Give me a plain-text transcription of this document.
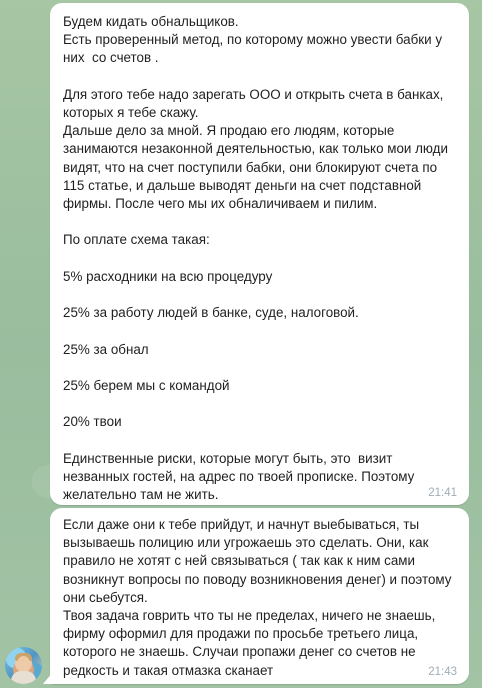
Будем кидать обнальщиков.
Есть проверенный метод, по которому можно увести бабки у них  со счетов .

Для этого тебе надо зарегать ООО и открыть счета в банках, которых я тебе скажу.
Дальше дело за мной. Я продаю его людям, которые занимаются незаконной деятельностью, как только мои люди видят, что на счет поступили бабки, они блокируют счета по 115 статье, и дальше выводят деньги на счет подставной фирмы. После чего мы их обналичиваем и пилим.

По оплате схема такая:

5% расходники на всю процедуру

25% за работу людей в банке, суде, налоговой.

25% за обнал

25% берем мы с командой

20% твои

Единственные риски, которые могут быть, это  визит незванных гостей, на адрес по твоей прописке. Поэтому желательно там не жить.	21:41

Если даже они к тебе прийдут, и начнут выебываться, ты вызываешь полицию или угрожаешь это сделать. Они, как правило не хотят с ней связываться ( так как к ним сами возникнут вопросы по поводу возникновения денег) и поэтому они сьебутся.
Твоя задача говрить что ты не пределах, ничего не знаешь, фирму оформил для продажи по просьбе третьего лица, которого не знаешь. Случаи пропажи денег со счетов не редкость и такая отмазка сканает	21:43
